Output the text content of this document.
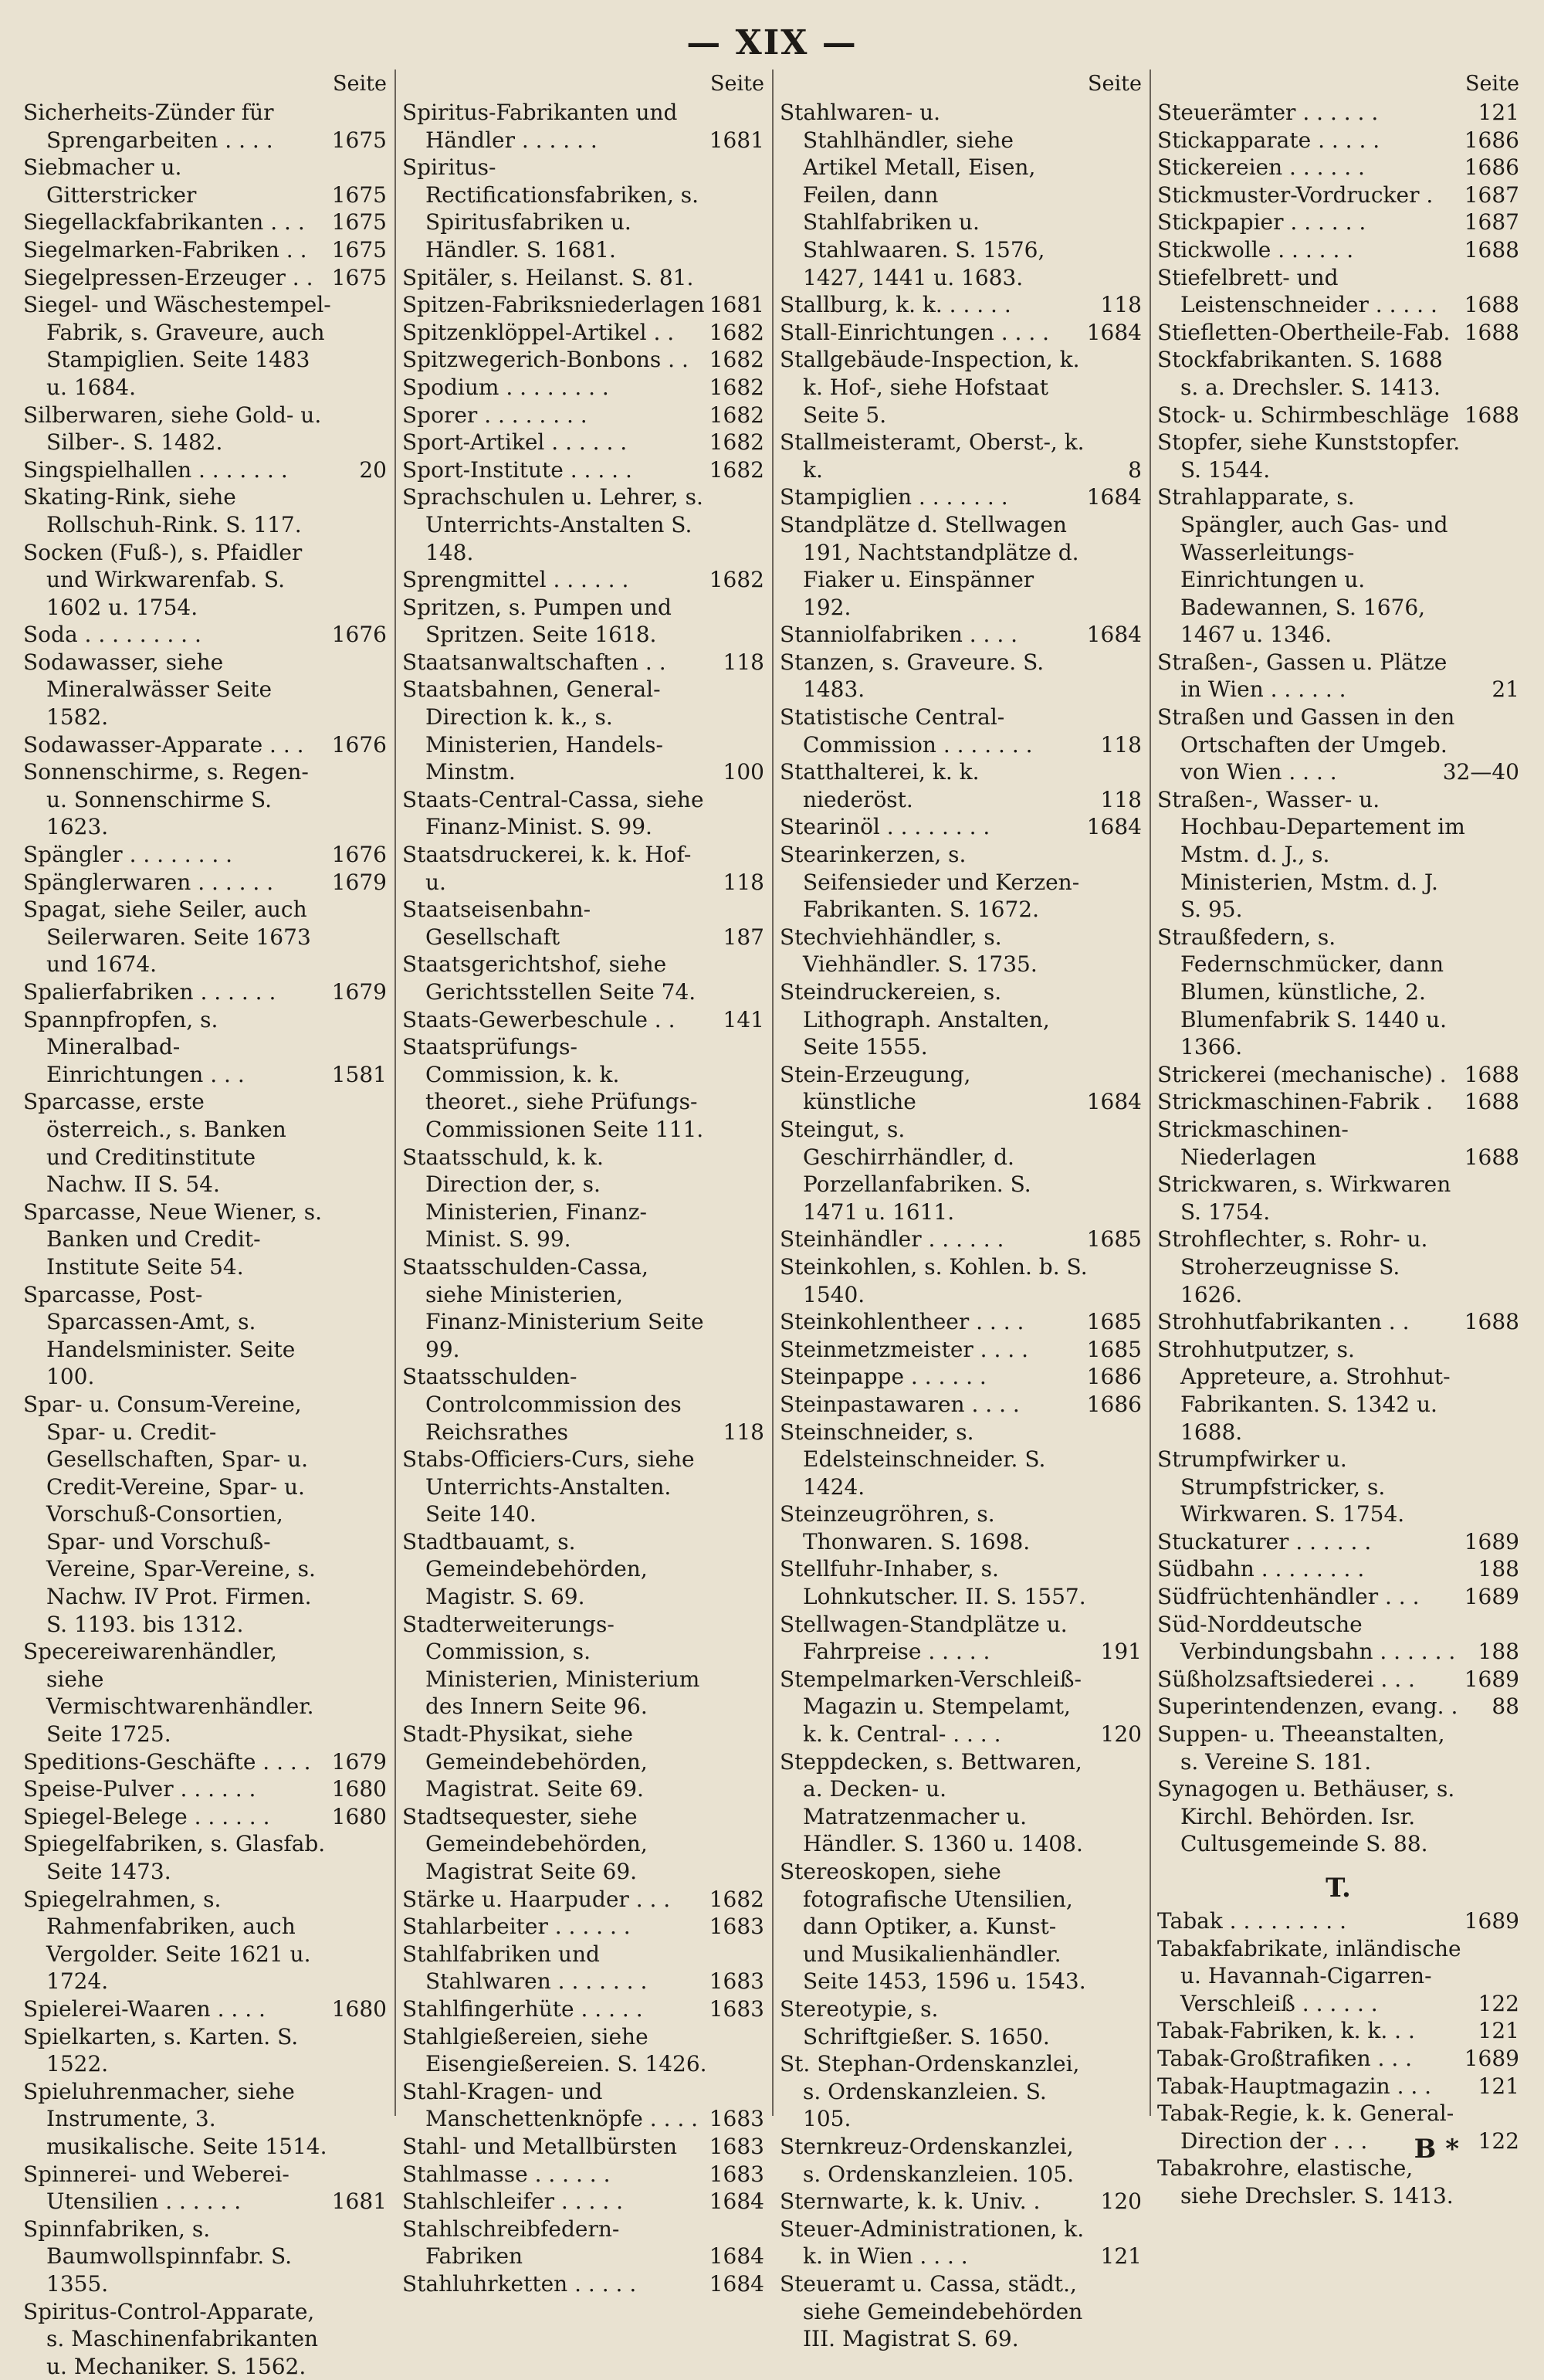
— XIX —
Seite
Sicherheits-Zünder für Sprengarbeiten . . . .	1675
Siebmacher u. Gitterstricker	1675
Siegellackfabrikanten . . . 1675
Siegelmarken-Fabriken . . 1675
Siegelpressen-Erzeuger . . 1675
Siegel- und Wäschestempel-Fabrik, s. Graveure, auch Stampiglien. Seite 1483 u. 1684.
Silberwaren, siehe Gold- u. Silber-. S. 1482.
Singspielhallen . . . . . . .	20
Skating-Rink, siehe Rollschuh-Rink. S. 117.
Socken (Fuß-), s. Pfaidler und Wirkwarenfab. S. 1602 u. 1754.
Soda . . . . . . . . .	1676
Sodawasser, siehe Mineralwässer Seite 1582.
Sodawasser-Apparate . . . 1676
Sonnenschirme, s. Regen- u. Sonnenschirme S. 1623.
Spängler . . . . . . . .	1676
Spänglerwaren . . . . . .	1679
Spagat, siehe Seiler, auch Seilerwaren. Seite 1673 und 1674.
Spalierfabriken . . . . . .	1679
Spannpfropfen, s. Mineralbad-Einrichtungen . . .	1581
Sparcasse, erste österreich., s. Banken und Creditinstitute Nachw. II S. 54.
Sparcasse, Neue Wiener, s. Banken und Credit-Institute Seite 54.
Sparcasse, Post-Sparcassen-Amt, s. Handelsminister. Seite 100.
Spar- u. Consum-Vereine, Spar- u. Credit-Gesellschaften, Spar- u. Credit-Vereine, Spar- u. Vorschuß-Consortien, Spar- und Vorschuß-Vereine, Spar-Vereine, s. Nachw. IV Prot. Firmen. S. 1193. bis 1312.
Specereiwarenhändler, siehe Vermischtwarenhändler. Seite 1725.
Speditions-Geschäfte . . . . 1679
Speise-Pulver . . . . . .	1680
Spiegel-Belege . . . . . .	1680
Spiegelfabriken, s. Glasfab. Seite 1473.
Spiegelrahmen, s. Rahmenfabriken, auch Vergolder. Seite 1621 u. 1724.
Spielerei-Waaren . . . .	1680
Spielkarten, s. Karten. S. 1522.
Spieluhrenmacher, siehe Instrumente, 3. musikalische. Seite 1514.
Spinnerei- und Weberei-Utensilien . . . . . .	1681
Spinnfabriken, s. Baumwollspinnfabr. S. 1355.
Spiritus-Control-Apparate, s. Maschinenfabrikanten u. Mechaniker. S. 1562.
Seite
Spiritus-Fabrikanten und Händler . . . . . .	1681
Spiritus-Rectificationsfabriken, s. Spiritusfabriken u. Händler. S. 1681.
Spitäler, s. Heilanst. S. 81.
Spitzen-Fabriksniederlagen 1681
Spitzenklöppel-Artikel . . 1682
Spitzwegerich-Bonbons . . 1682
Spodium . . . . . . . .	1682
Sporer . . . . . . . .	1682
Sport-Artikel . . . . . .	1682
Sport-Institute . . . . .	1682
Sprachschulen u. Lehrer, s. Unterrichts-Anstalten S. 148.
Sprengmittel . . . . . .	1682
Spritzen, s. Pumpen und Spritzen. Seite 1618.
Staatsanwaltschaften . .	118
Staatsbahnen, General-Direction k. k., s. Ministerien, Handels-Minstm.	100
Staats-Central-Cassa, siehe Finanz-Minist. S. 99.
Staatsdruckerei, k. k. Hof- u.	118
Staatseisenbahn-Gesellschaft	187
Staatsgerichtshof, siehe Gerichtsstellen Seite 74.
Staats-Gewerbeschule . . 141
Staatsprüfungs-Commission, k. k. theoret., siehe Prüfungs-Commissionen Seite 111.
Staatsschuld, k. k. Direction der, s. Ministerien, Finanz-Minist. S. 99.
Staatsschulden-Cassa, siehe Ministerien, Finanz-Ministerium Seite 99.
Staatsschulden-Controlcommission des Reichsrathes	118
Stabs-Officiers-Curs, siehe Unterrichts-Anstalten. Seite 140.
Stadtbauamt, s. Gemeindebehörden, Magistr. S. 69.
Stadterweiterungs-Commission, s. Ministerien, Ministerium des Innern Seite 96.
Stadt-Physikat, siehe Gemeindebehörden, Magistrat. Seite 69.
Stadtsequester, siehe Gemeindebehörden, Magistrat Seite 69.
Stärke u. Haarpuder . . . 1682
Stahlarbeiter . . . . . .	1683
Stahlfabriken und Stahlwaren . . . . . . .	1683
Stahlfingerhüte . . . . .	1683
Stahlgießereien, siehe Eisengießereien. S. 1426.
Stahl-Kragen- und Manschettenknöpfe . . . . 1683
Stahl- und Metallbürsten 1683
Stahlmasse . . . . . .	1683
Stahlschleifer . . . . .	1684
Stahlschreibfedern-Fabriken	1684
Stahluhrketten . . . . .	1684
Seite
Stahlwaren- u. Stahlhändler, siehe Artikel Metall, Eisen, Feilen, dann Stahlfabriken u. Stahlwaaren. S. 1576, 1427, 1441 u. 1683.
Stallburg, k. k. . . . . .	118
Stall-Einrichtungen . . . . 1684
Stallgebäude-Inspection, k. k. Hof-, siehe Hofstaat Seite 5.
Stallmeisteramt, Oberst-, k. k.	8
Stampiglien . . . . . . .	1684
Standplätze d. Stellwagen 191, Nachtstandplätze d. Fiaker u. Einspänner 192.
Stanniolfabriken . . . .	1684
Stanzen, s. Graveure. S. 1483.
Statistische Central-Commission . . . . . . .	118
Statthalterei, k. k. niederöst.	118
Stearinöl . . . . . . . .	1684
Stearinkerzen, s. Seifensieder und Kerzen-Fabrikanten. S. 1672.
Stechviehhändler, s. Viehhändler. S. 1735.
Steindruckereien, s. Lithograph. Anstalten, Seite 1555.
Stein-Erzeugung, künstliche	1684
Steingut, s. Geschirrhändler, d. Porzellanfabriken. S. 1471 u. 1611.
Steinhändler . . . . . .	1685
Steinkohlen, s. Kohlen. b. S. 1540.
Steinkohlentheer . . . .	1685
Steinmetzmeister . . . .	1685
Steinpappe . . . . . .	1686
Steinpastawaren . . . .	1686
Steinschneider, s. Edelsteinschneider. S. 1424.
Steinzeugröhren, s. Thonwaren. S. 1698.
Stellfuhr-Inhaber, s. Lohnkutscher. II. S. 1557.
Stellwagen-Standplätze u. Fahrpreise . . . . .	191
Stempelmarken-Verschleiß-Magazin u. Stempelamt, k. k. Central- . . . .	120
Steppdecken, s. Bettwaren, a. Decken- u. Matratzenmacher u. Händler. S. 1360 u. 1408.
Stereoskopen, siehe fotografische Utensilien, dann Optiker, a. Kunst- und Musikalienhändler. Seite 1453, 1596 u. 1543.
Stereotypie, s. Schriftgießer. S. 1650.
St. Stephan-Ordenskanzlei, s. Ordenskanzleien. S. 105.
Sternkreuz-Ordenskanzlei, s. Ordenskanzleien. 105.
Sternwarte, k. k. Univ. .	120
Steuer-Administrationen, k. k. in Wien . . . .	121
Steueramt u. Cassa, städt., siehe Gemeindebehörden III. Magistrat S. 69.
Seite
Steuerämter . . . . . .	121
Stickapparate . . . . .	1686
Stickereien . . . . . .	1686
Stickmuster-Vordrucker . 1687
Stickpapier . . . . . .	1687
Stickwolle . . . . . .	1688
Stiefelbrett- und Leistenschneider . . . . . 1688
Stiefletten-Obertheile-Fab. 1688
Stockfabrikanten. S. 1688 s. a. Drechsler. S. 1413.
Stock- u. Schirmbeschläge 1688
Stopfer, siehe Kunststopfer. S. 1544.
Strahlapparate, s. Spängler, auch Gas- und Wasserleitungs-Einrichtungen u. Badewannen, S. 1676, 1467 u. 1346.
Straßen-, Gassen u. Plätze in Wien . . . . . .	21
Straßen und Gassen in den Ortschaften der Umgeb. von Wien . . . .	32—40
Straßen-, Wasser- u. Hochbau-Departement im Mstm. d. J., s. Ministerien, Mstm. d. J. S. 95.
Straußfedern, s. Federnschmücker, dann Blumen, künstliche, 2. Blumenfabrik S. 1440 u. 1366.
Strickerei (mechanische) . 1688
Strickmaschinen-Fabrik . 1688
Strickmaschinen-Niederlagen	1688
Strickwaren, s. Wirkwaren S. 1754.
Strohflechter, s. Rohr- u. Stroherzeugnisse S. 1626.
Strohhutfabrikanten . .	1688
Strohhutputzer, s. Appreteure, a. Strohhut-Fabrikanten. S. 1342 u. 1688.
Strumpfwirker u. Strumpfstricker, s. Wirkwaren. S. 1754.
Stuckaturer . . . . . .	1689
Südbahn . . . . . . . .	188
Südfrüchtenhändler . . . 1689
Süd-Norddeutsche Verbindungsbahn . . . . . . 188
Süßholzsaftsiederei . . . 1689
Superintendenzen, evang. . 88
Suppen- u. Theeanstalten, s. Vereine S. 181.
Synagogen u. Bethäuser, s. Kirchl. Behörden. Isr. Cultusgemeinde S. 88.
T.
Tabak . . . . . . . . .	1689
Tabakfabrikate, inländische u. Havannah-Cigarren-Verschleiß . . . . . .	122
Tabak-Fabriken, k. k. . .	121
Tabak-Großtrafiken . . . 1689
Tabak-Hauptmagazin . . . 121
Tabak-Regie, k. k. General-Direction der . . .	122
Tabakrohre, elastische, siehe Drechsler. S. 1413.
B *
